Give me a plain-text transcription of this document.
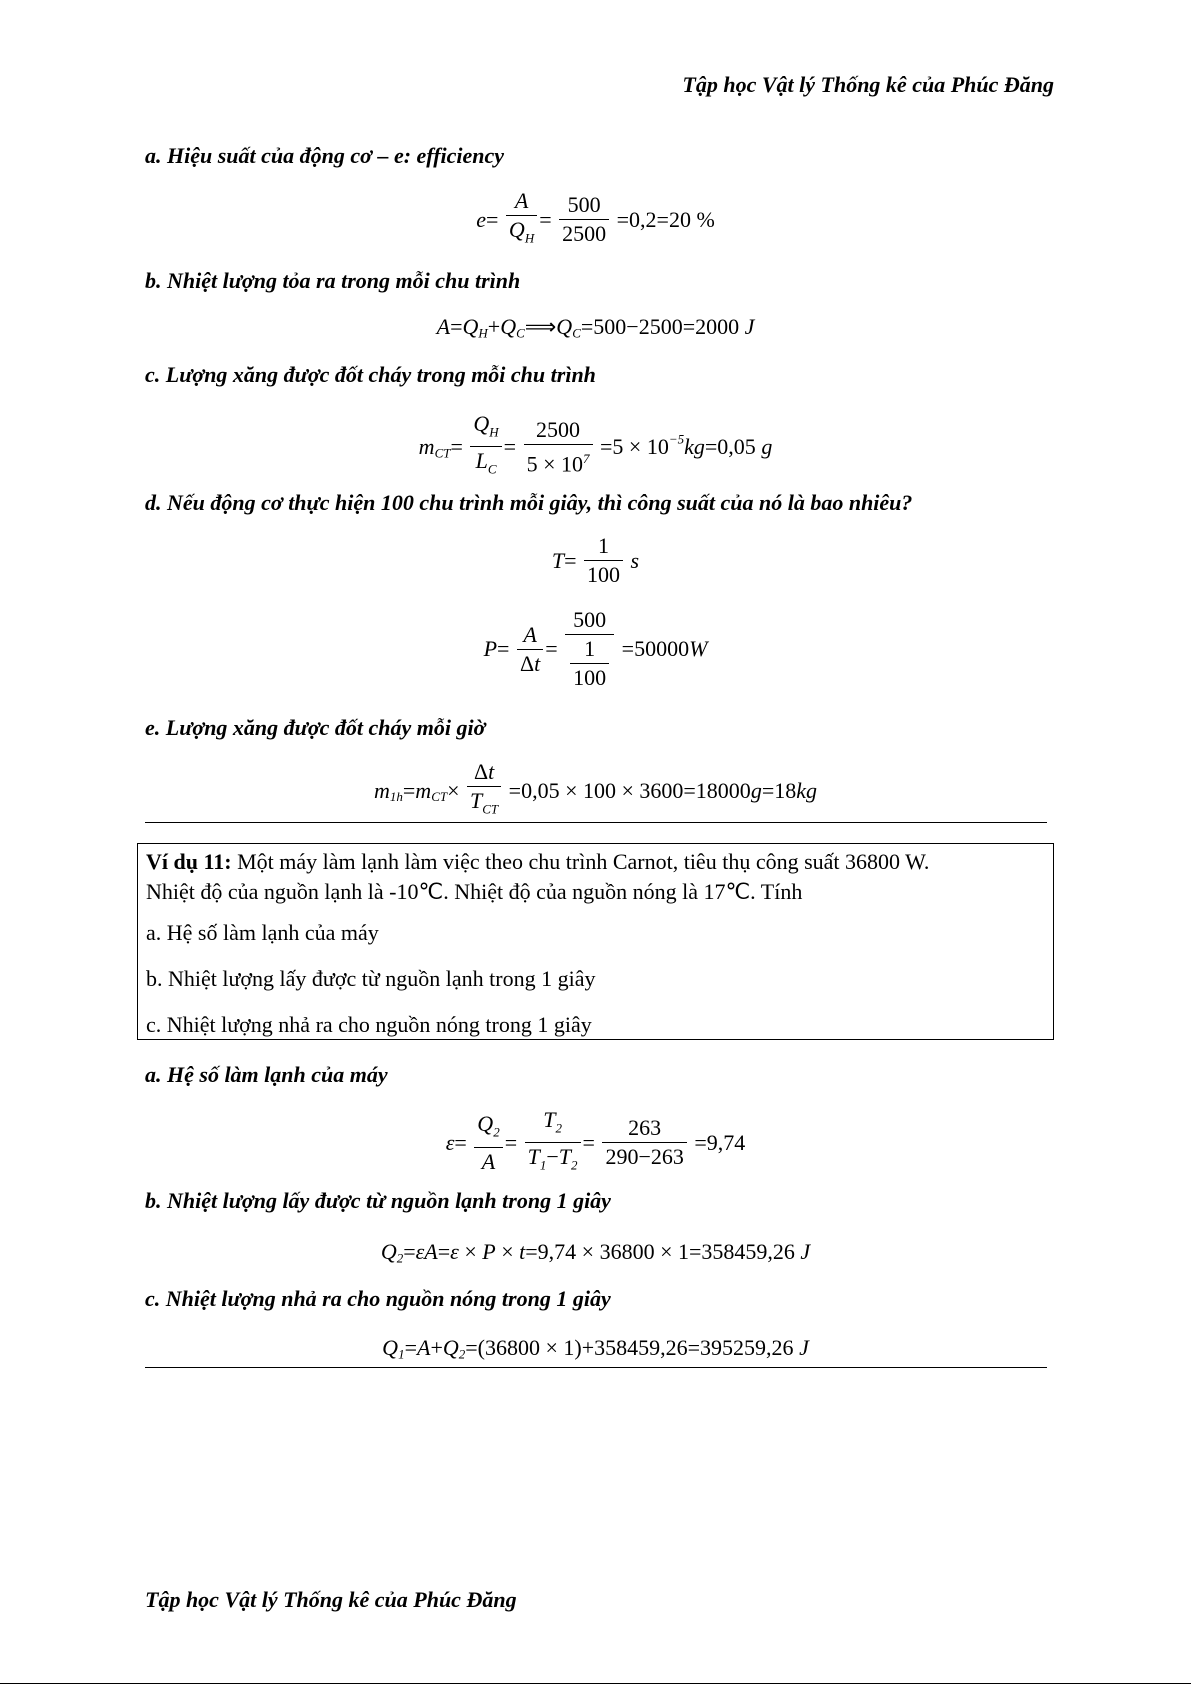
Tập học Vật lý Thống kê của Phúc Đăng
a. Hiệu suất của động cơ – e: efficiency
$e= \frac{A}{Q_H} = \frac{500}{2500} =0,2=20$ %
b. Nhiệt lượng tỏa ra trong mỗi chu trình
$A=Q_H+Q_C⟹Q_C=500-2500=2000$ J
c. Lượng xăng được đốt cháy trong mỗi chu trình
$m_{CT}= \frac{Q_H}{L_C} = \frac{2500}{5 \times 10^7} =5 \times 10^{-5}kg=0,05$ g
d. Nếu động cơ thực hiện 100 chu trình mỗi giây, thì công suất của nó là bao nhiêu?
$T= \frac{1}{100}$ s
$P= \frac{A}{\Delta t} = \frac{500}{\frac{1}{100}} =50000W$
e. Lượng xăng được đốt cháy mỗi giờ
$m_{1h}=m_{CT}\times \frac{\Delta t}{T_{CT}} =0,05 \times 100 \times 3600=18000g=18kg$

Ví dụ 11: Một máy làm lạnh làm việc theo chu trình Carnot, tiêu thụ công suất 36800 W.

Nhiệt độ của nguồn lạnh là -10℃. Nhiệt độ của nguồn nóng là 17℃. Tính

a. Hệ số làm lạnh của máy

b. Nhiệt lượng lấy được từ nguồn lạnh trong 1 giây

c. Nhiệt lượng nhả ra cho nguồn nóng trong 1 giây

a. Hệ số làm lạnh của máy
$\varepsilon= \frac{Q_2}{A} = \frac{T_2}{T_1-T_2} = \frac{263}{290-263} =9,74$
b. Nhiệt lượng lấy được từ nguồn lạnh trong 1 giây
$Q_2=\varepsilon A=\varepsilon \times P \times t=9,74 \times 36800 \times 1=358459,26$ J
c. Nhiệt lượng nhả ra cho nguồn nóng trong 1 giây
$Q_1=A+Q_2=(36800 \times 1)+358459,26=395259,26$ J
Tập học Vật lý Thống kê của Phúc Đăng
